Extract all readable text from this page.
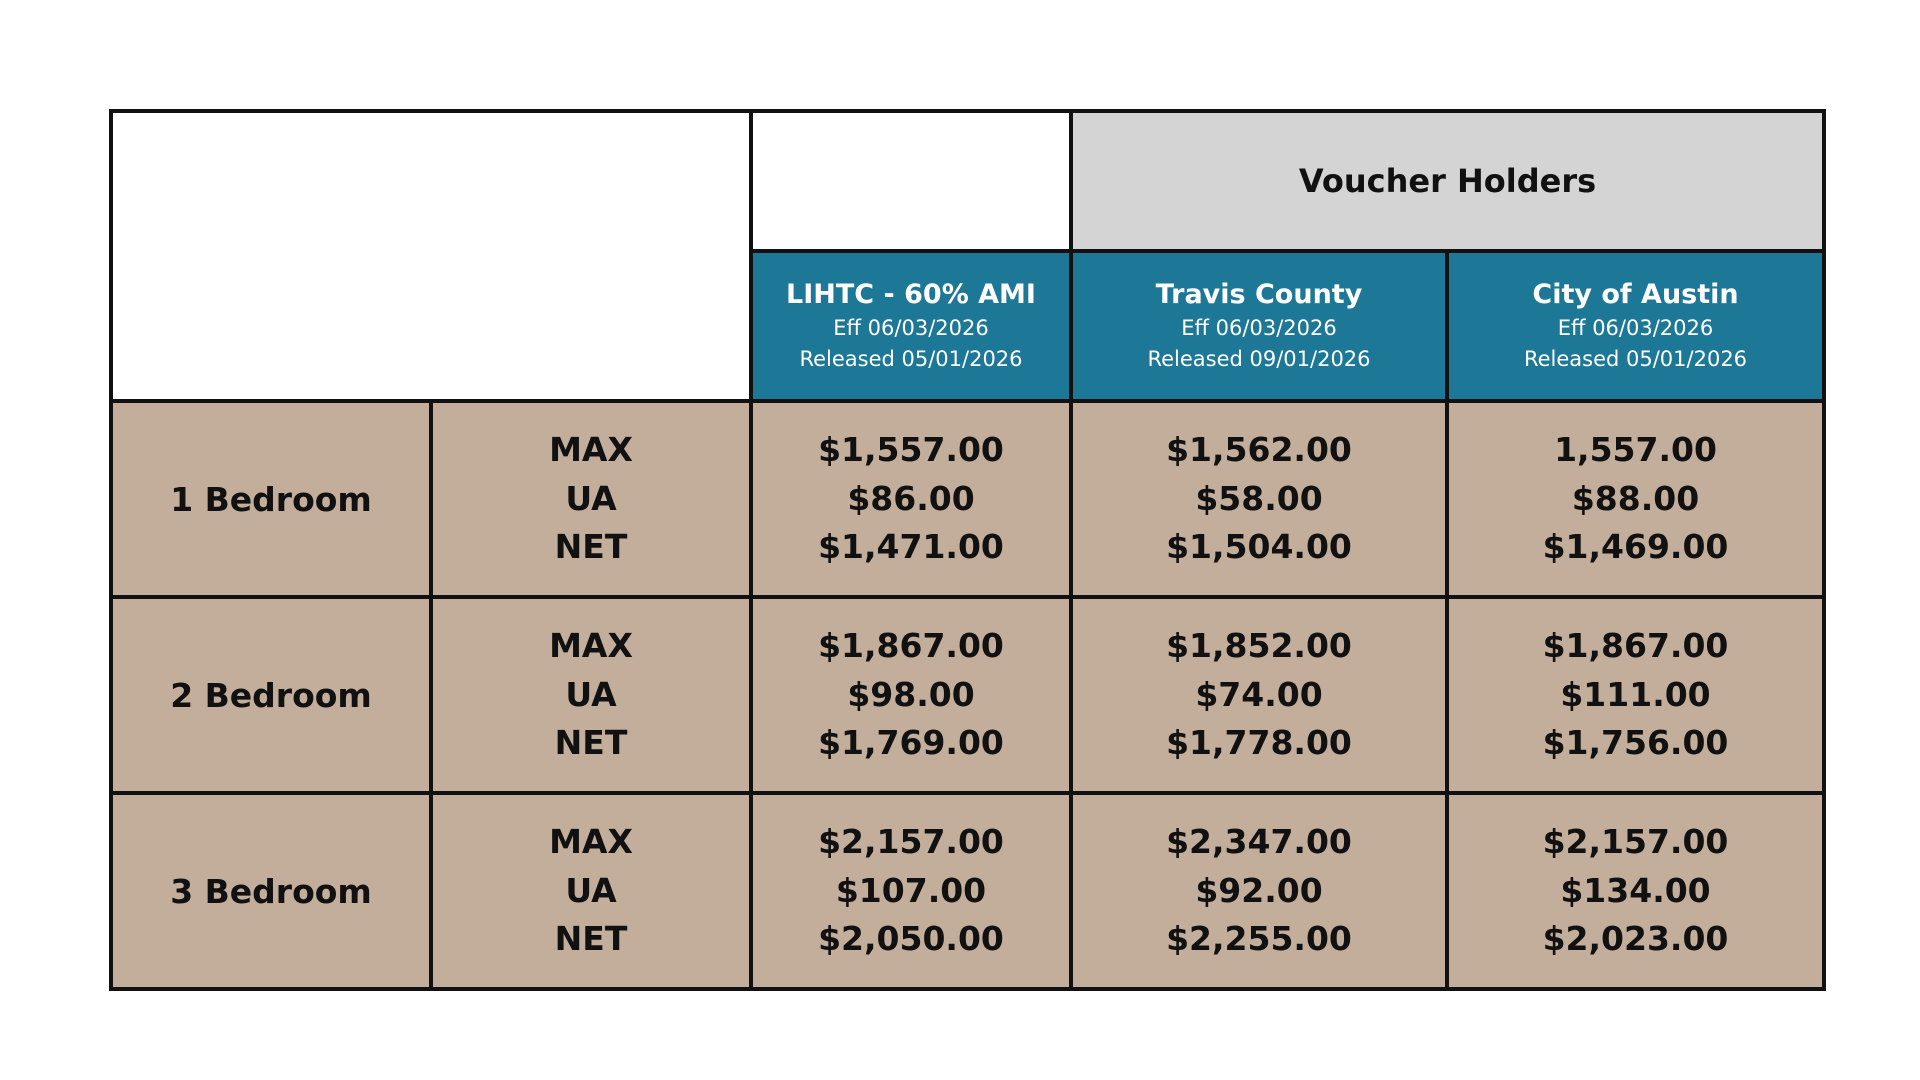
			Voucher Holders	

		LIHTC - 60% AMI
Eff 06/03/2026
Released 05/01/2026	Travis County
Eff 06/03/2026
Released 09/01/2026	City of Austin
Eff 06/03/2026
Released 05/01/2026

1 Bedroom	MAX
UA
NET	$1,557.00
$86.00
$1,471.00	$1,562.00
$58.00
$1,504.00	1,557.00
$88.00
$1,469.00

2 Bedroom	MAX
UA
NET	$1,867.00
$98.00
$1,769.00	$1,852.00
$74.00
$1,778.00	$1,867.00
$111.00
$1,756.00

3 Bedroom	MAX
UA
NET	$2,157.00
$107.00
$2,050.00	$2,347.00
$92.00
$2,255.00	$2,157.00
$134.00
$2,023.00
